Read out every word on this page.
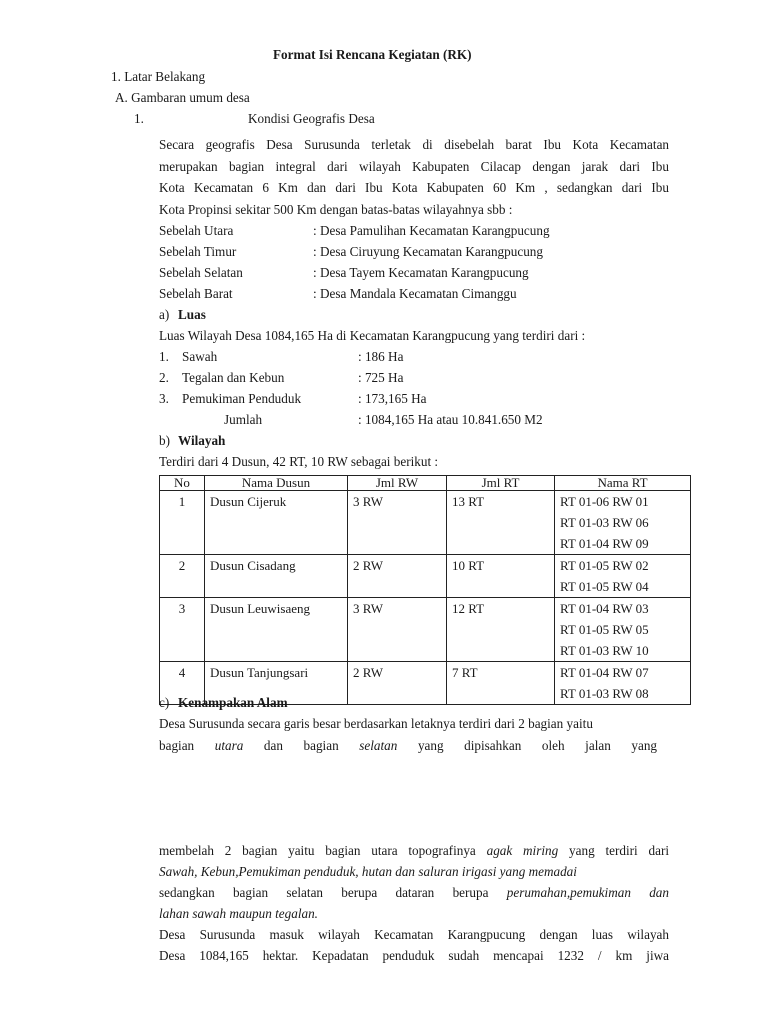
Format Isi Rencana Kegiatan (RK)
1. Latar Belakang
A. Gambaran umum desa
1.	Kondisi Geografis Desa
Secara geografis Desa Surusunda terletak di disebelah barat Ibu Kota Kecamatan
merupakan bagian integral dari wilayah Kabupaten Cilacap dengan jarak dari Ibu
Kota Kecamatan 6 Km dan dari Ibu Kota Kabupaten 60 Km , sedangkan dari Ibu
Kota Propinsi sekitar 500 Km dengan batas-batas wilayahnya sbb :
Sebelah Utara	: Desa Pamulihan Kecamatan Karangpucung
Sebelah Timur	: Desa Ciruyung Kecamatan Karangpucung
Sebelah Selatan	: Desa Tayem Kecamatan Karangpucung
Sebelah Barat	: Desa Mandala Kecamatan Cimanggu
a) Luas
Luas Wilayah Desa 1084,165 Ha di Kecamatan Karangpucung yang terdiri dari :
1. Sawah	: 186 Ha
2. Tegalan dan Kebun	: 725 Ha
3. Pemukiman Penduduk	: 173,165 Ha
Jumlah	: 1084,165 Ha atau 10.841.650 M2
b) Wilayah
Terdiri dari 4 Dusun, 42 RT, 10 RW sebagai berikut :
No	Nama Dusun	Jml RW	Jml RT	Nama RT
1	Dusun Cijeruk	3 RW	13 RT	RT 01-06 RW 01
RT 01-03 RW 06
RT 01-04 RW 09

2	Dusun Cisadang	2 RW	10 RT	RT 01-05 RW 02
RT 01-05 RW 04

3	Dusun Leuwisaeng	3 RW	12 RT	RT 01-04 RW 03
RT 01-05 RW 05
RT 01-03 RW 10

4	Dusun Tanjungsari	2 RW	7 RT	RT 01-04 RW 07
RT 01-03 RW 08
c) Kenampakan Alam
Desa Surusunda secara garis besar berdasarkan letaknya terdiri dari 2 bagian yaitu
bagian utara dan bagian selatan yang dipisahkan oleh jalan yang
membelah 2 bagian yaitu bagian utara topografinya agak miring yang terdiri dari
Sawah, Kebun,Pemukiman penduduk, hutan dan saluran irigasi yang memadai
sedangkan bagian selatan berupa dataran berupa perumahan,pemukiman dan
lahan sawah maupun tegalan.
Desa Surusunda masuk wilayah Kecamatan Karangpucung dengan luas wilayah
Desa 1084,165 hektar. Kepadatan penduduk sudah mencapai 1232 / km jiwa
